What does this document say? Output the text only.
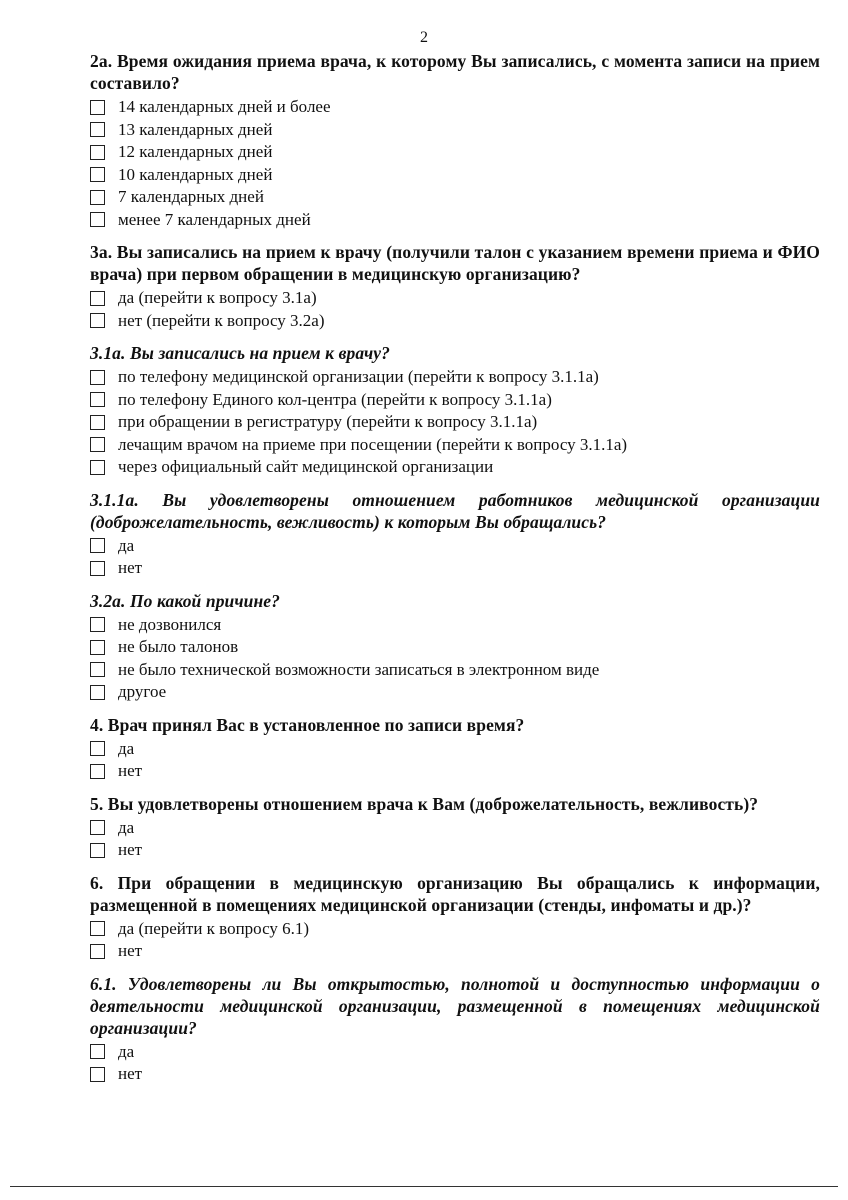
2
2а. Время ожидания приема врача, к которому Вы записались, с момента записи на прием составило?
14 календарных дней и более
13 календарных дней
12 календарных дней
10 календарных дней
7 календарных дней
менее 7 календарных дней
3а. Вы записались на прием к врачу (получили талон с указанием времени приема и ФИО врача) при первом обращении в медицинскую организацию?
да (перейти к вопросу 3.1а)
нет (перейти к вопросу 3.2а)
3.1а. Вы записались на прием к врачу?
по телефону медицинской организации (перейти к вопросу 3.1.1а)
по телефону Единого кол-центра (перейти к вопросу 3.1.1а)
при обращении в регистратуру (перейти к вопросу 3.1.1а)
лечащим врачом на приеме при посещении (перейти к вопросу 3.1.1а)
через официальный сайт медицинской организации
3.1.1а. Вы удовлетворены отношением работников медицинской организации (доброжелательность, вежливость) к которым Вы обращались?
да
нет
3.2а. По какой причине?
не дозвонился
не было талонов
не было технической возможности записаться в электронном виде
другое
4. Врач принял Вас в установленное по записи время?
да
нет
5. Вы удовлетворены отношением врача к Вам (доброжелательность, вежливость)?
да
нет
6. При обращении в медицинскую организацию Вы обращались к информации, размещенной в помещениях медицинской организации (стенды, инфоматы и др.)?
да (перейти к вопросу 6.1)
нет
6.1. Удовлетворены ли Вы открытостью, полнотой и доступностью информации о деятельности медицинской организации, размещенной в помещениях медицинской организации?
да
нет
